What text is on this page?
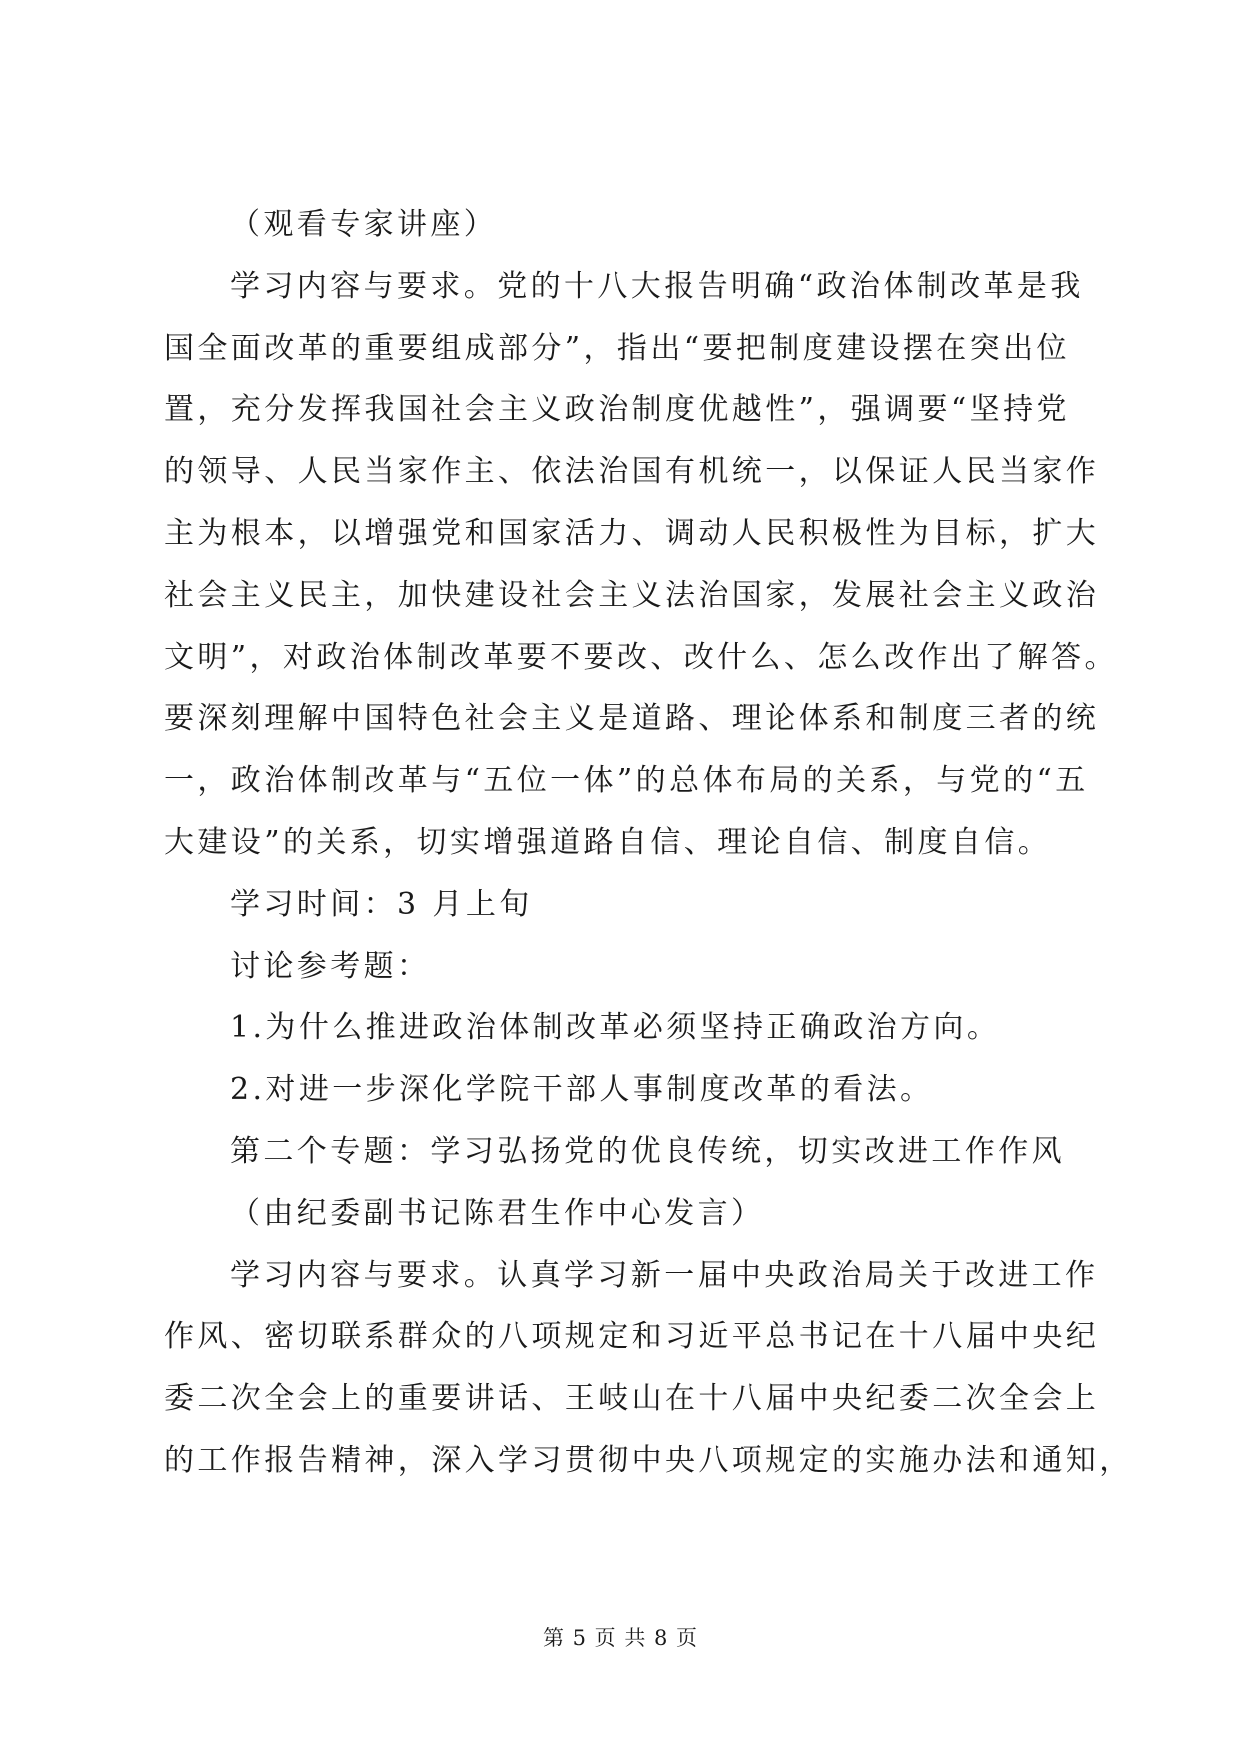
（观看专家讲座）
学习内容与要求。党的十八大报告明确“政治体制改革是我
国全面改革的重要组成部分”，指出“要把制度建设摆在突出位
置，充分发挥我国社会主义政治制度优越性”，强调要“坚持党
的领导、人民当家作主、依法治国有机统一，以保证人民当家作
主为根本，以增强党和国家活力、调动人民积极性为目标，扩大
社会主义民主，加快建设社会主义法治国家，发展社会主义政治
文明”，对政治体制改革要不要改、改什么、怎么改作出了解答。
要深刻理解中国特色社会主义是道路、理论体系和制度三者的统
一，政治体制改革与“五位一体”的总体布局的关系，与党的“五
大建设”的关系，切实增强道路自信、理论自信、制度自信。
学习时间：3 月上旬
讨论参考题：
1.为什么推进政治体制改革必须坚持正确政治方向。
2.对进一步深化学院干部人事制度改革的看法。
第二个专题：学习弘扬党的优良传统，切实改进工作作风
（由纪委副书记陈君生作中心发言）
学习内容与要求。认真学习新一届中央政治局关于改进工作
作风、密切联系群众的八项规定和习近平总书记在十八届中央纪
委二次全会上的重要讲话、王岐山在十八届中央纪委二次全会上
的工作报告精神，深入学习贯彻中央八项规定的实施办法和通知，
第 5 页 共 8 页
